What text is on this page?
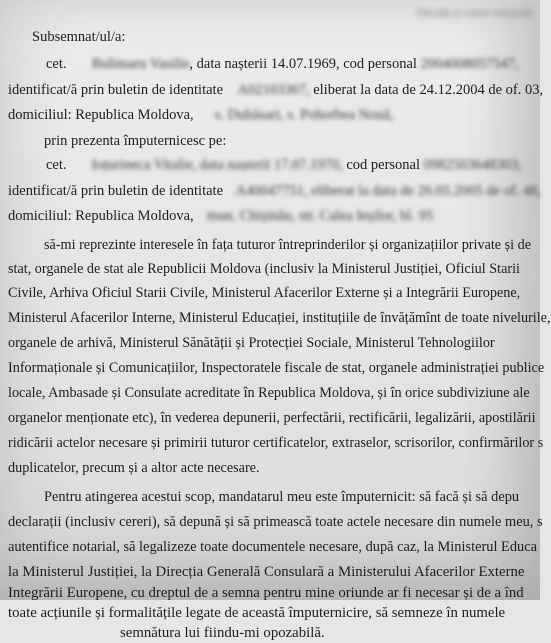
Dovada și cerere notarială
Subsemnat/ul/a:
cet. Bulimaru Vasilie, data nașterii 14.07.1969, cod personal 2004008057547,
identificat/ă prin buletin de identitate A02103367, eliberat la data de 24.12.2004 de of. 03,
domiciliul: Republica Moldova, s. Dubăsari, s. Pohorbea Nouă,
prin prezenta împuternicesc pe:
cet. Ioțurineca Vitalie, data nașterii 17.07.1970, cod personal 0982503648303,
identificat/ă prin buletin de identitate A40047751, eliberat la data de 26.05.2005 de of. 48,
domiciliul: Republica Moldova, mun. Chișinău, str. Calea Ieșilor, bl. 95
să-mi reprezinte interesele în fața tuturor întreprinderilor și organizațiilor private și de
stat, organele de stat ale Republicii Moldova (inclusiv la Ministerul Justiției, Oficiul Starii
Civile, Arhiva Oficiul Starii Civile, Ministerul Afacerilor Externe și a Integrării Europene,
Ministerul Afacerilor Interne, Ministerul Educației, instituțiile de învățămînt de toate nivelurile,
organele de arhivă, Ministerul Sănătății și Protecției Sociale, Ministerul Tehnologiilor
Informaționale și Comunicațiilor, Inspectoratele fiscale de stat, organele administrației publice
locale, Ambasade și Consulate acreditate în Republica Moldova, și în orice subdiviziune ale
organelor menționate etc), în vederea depunerii, perfectării, rectificării, legalizării, apostilării
ridicării actelor necesare și primirii tuturor certificatelor, extraselor, scrisorilor, confirmărilor s
duplicatelor, precum și a altor acte necesare.
Pentru atingerea acestui scop, mandatarul meu este împuternicit: să facă și să depu
declarații (inclusiv cereri), să depună și să primească toate actele necesare din numele meu, s
autentifice notarial, să legalizeze toate documentele necesare, după caz, la Ministerul Educa
la Ministerul Justiției, la Direcția Generală Consulară a Ministerului Afacerilor Externe
Integrării Europene, cu dreptul de a semna pentru mine oriunde ar fi necesar și de a înd
toate acțiunile și formalitățile legate de această împuternicire, să semneze în numele
semnătura lui fiindu-mi opozabilă.
